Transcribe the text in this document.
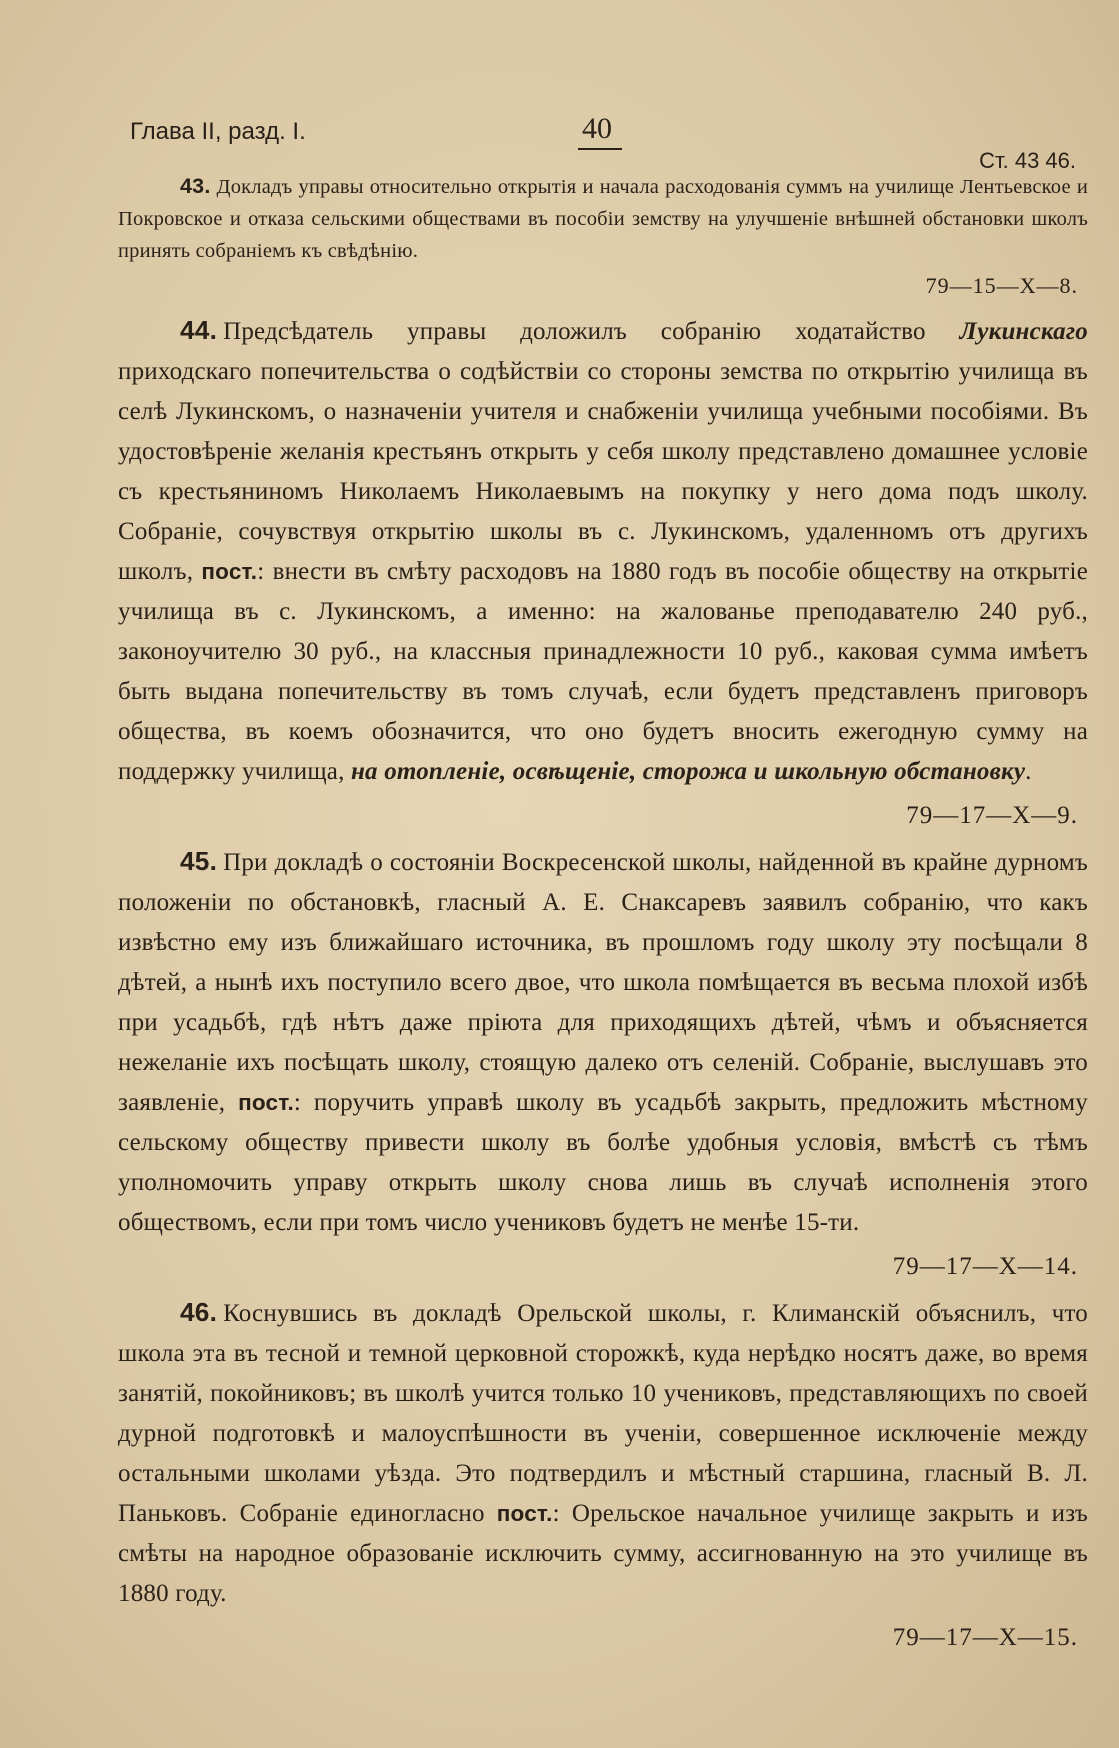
Глава II, разд. I.	40
Ст. 43 46.

43. Докладъ управы относительно открытія и начала расходованія суммъ на училище Лентьевское и Покровское и отказа сельскими обществами въ пособіи земству на улучшеніе внѣшней обстановки школъ принять собраніемъ къ свѣдѣнію.

79—15—X—8.

44. Предсѣдатель управы доложилъ собранію ходатайство Лукинскаго приходскаго попечительства о содѣйствіи со стороны земства по открытію училища въ селѣ Лукинскомъ, о назначеніи учителя и снабженіи училища учебными пособіями. Въ удостовѣреніе желанія крестьянъ открыть у себя школу представлено домашнее условіе съ крестьяниномъ Николаемъ Николаевымъ на покупку у него дома подъ школу. Собраніе, сочувствуя открытію школы въ с. Лукинскомъ, удаленномъ отъ другихъ школъ, пост.: внести въ смѣту расходовъ на 1880 годъ въ пособіе обществу на открытіе училища въ с. Лукинскомъ, а именно: на жалованье преподавателю 240 руб., законоучителю 30 руб., на классныя принадлежности 10 руб., каковая сумма имѣетъ быть выдана попечительству въ томъ случаѣ, если будетъ представленъ приговоръ общества, въ коемъ обозначится, что оно будетъ вносить ежегодную сумму на поддержку училища, на отопленіе, освѣщеніе, сторожа и школьную обстановку.

79—17—X—9.

45. При докладѣ о состояніи Воскресенской школы, найденной въ крайне дурномъ положеніи по обстановкѣ, гласный А. Е. Снаксаревъ заявилъ собранію, что какъ извѣстно ему изъ ближайшаго источника, въ прошломъ году школу эту посѣщали 8 дѣтей, а нынѣ ихъ поступило всего двое, что школа помѣщается въ весьма плохой избѣ при усадьбѣ, гдѣ нѣтъ даже пріюта для приходящихъ дѣтей, чѣмъ и объясняется нежеланіе ихъ посѣщать школу, стоящую далеко отъ селеній. Собраніе, выслушавъ это заявленіе, пост.: поручить управѣ школу въ усадьбѣ закрыть, предложить мѣстному сельскому обществу привести школу въ болѣе удобныя условія, вмѣстѣ съ тѣмъ уполномочить управу открыть школу снова лишь въ случаѣ исполненія этого обществомъ, если при томъ число учениковъ будетъ не менѣе 15-ти.

79—17—X—14.

46. Коснувшись въ докладѣ Орельской школы, г. Климанскій объяснилъ, что школа эта въ тесной и темной церковной сторожкѣ, куда нерѣдко носятъ даже, во время занятій, покойниковъ; въ школѣ учится только 10 учениковъ, представляющихъ по своей дурной подготовкѣ и малоуспѣшности въ ученіи, совершенное исключеніе между остальными школами уѣзда. Это подтвердилъ и мѣстный старшина, гласный В. Л. Паньковъ. Собраніе единогласно пост.: Орельское начальное училище закрыть и изъ смѣты на народное образованіе исключить сумму, ассигнованную на это училище въ 1880 году.

79—17—X—15.
